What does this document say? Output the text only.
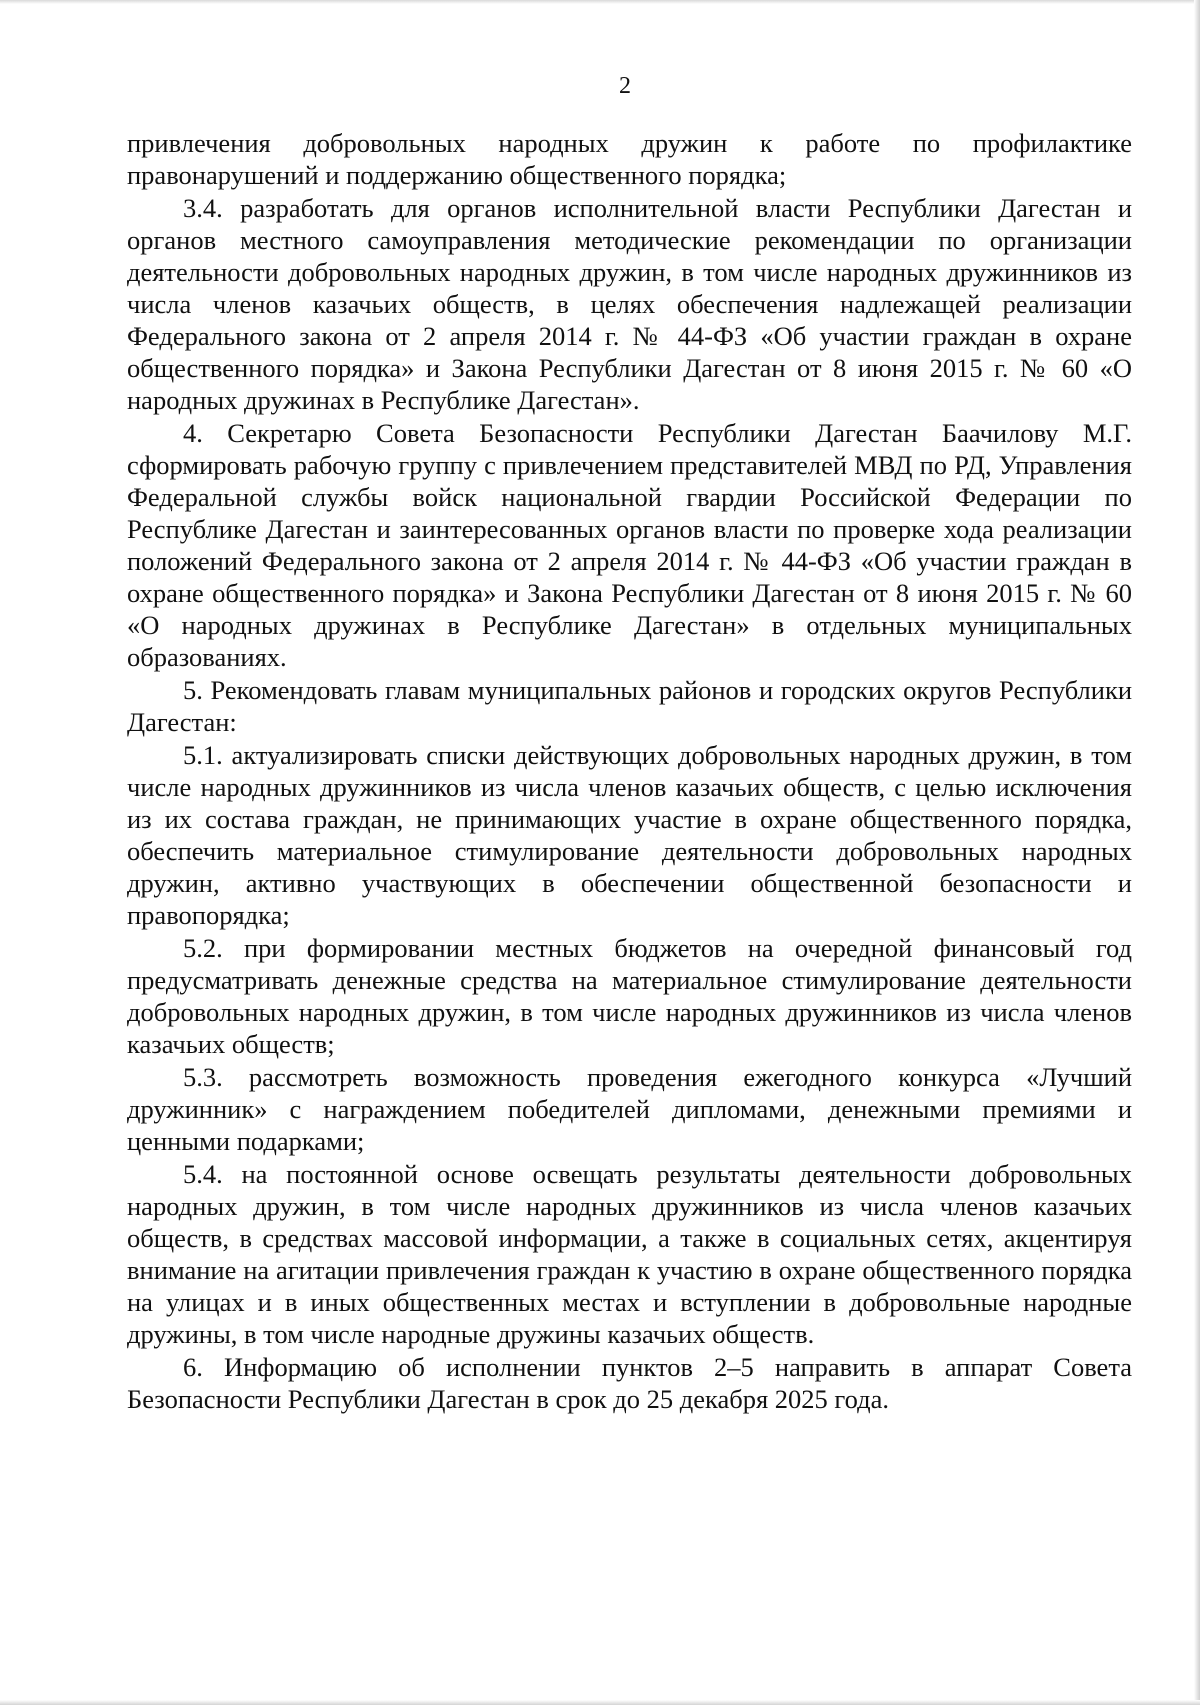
2

привлечения добровольных народных дружин к работе по профилактике правонарушений и поддержанию общественного порядка;

3.4. разработать для органов исполнительной власти Республики Дагестан и органов местного самоуправления методические рекомендации по организации деятельности добровольных народных дружин, в том числе народных дружинников из числа членов казачьих обществ, в целях обеспечения надлежащей реализации Федерального закона от 2 апреля 2014 г. № 44-ФЗ «Об участии граждан в охране общественного порядка» и Закона Республики Дагестан от 8 июня 2015 г. № 60 «О народных дружинах в Республике Дагестан».

4. Секретарю Совета Безопасности Республики Дагестан Баачилову М.Г. сформировать рабочую группу с привлечением представителей МВД по РД, Управления Федеральной службы войск национальной гвардии Российской Федерации по Республике Дагестан и заинтересованных органов власти по проверке хода реализации положений Федерального закона от 2 апреля 2014 г. № 44-ФЗ «Об участии граждан в охране общественного порядка» и Закона Республики Дагестан от 8 июня 2015 г. № 60 «О народных дружинах в Республике Дагестан» в отдельных муниципальных образованиях.

5. Рекомендовать главам муниципальных районов и городских округов Республики Дагестан:

5.1. актуализировать списки действующих добровольных народных дружин, в том числе народных дружинников из числа членов казачьих обществ, с целью исключения из их состава граждан, не принимающих участие в охране общественного порядка, обеспечить материальное стимулирование деятельности добровольных народных дружин, активно участвующих в обеспечении общественной безопасности и правопорядка;

5.2. при формировании местных бюджетов на очередной финансовый год предусматривать денежные средства на материальное стимулирование деятельности добровольных народных дружин, в том числе народных дружинников из числа членов казачьих обществ;

5.3. рассмотреть возможность проведения ежегодного конкурса «Лучший дружинник» с награждением победителей дипломами, денежными премиями и ценными подарками;

5.4. на постоянной основе освещать результаты деятельности добровольных народных дружин, в том числе народных дружинников из числа членов казачьих обществ, в средствах массовой информации, а также в социальных сетях, акцентируя внимание на агитации привлечения граждан к участию в охране общественного порядка на улицах и в иных общественных местах и вступлении в добровольные народные дружины, в том числе народные дружины казачьих обществ.

6. Информацию об исполнении пунктов 2–5 направить в аппарат Совета Безопасности Республики Дагестан в срок до 25 декабря 2025 года.
